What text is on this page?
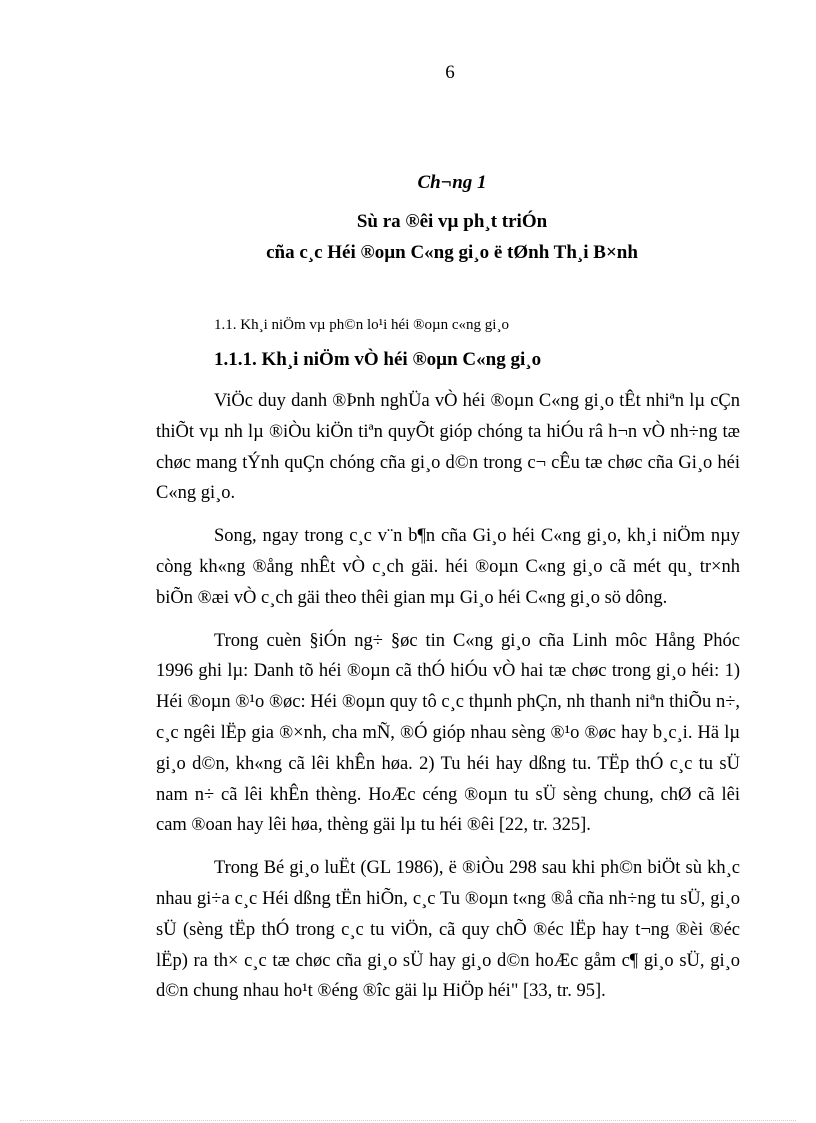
6
Ch¬ng 1
Sù ra ®êi vµ ph¸t triÓn
cña c¸c Héi ®oµn C«ng gi¸o ë tØnh Th¸i B×nh
1.1. Kh¸i niÖm vµ ph©n lo¹i héi ®oµn c«ng gi¸o
1.1.1. Kh¸i niÖm vÒ héi ®oµn C«ng gi¸o

ViÖc duy danh ®Þnh nghÜa vÒ héi ®oµn C«ng gi¸o tÊt nhiªn lµ cÇn thiÕt vµ nh lµ ®iÒu kiÖn tiªn quyÕt gióp chóng ta hiÓu râ h¬n vÒ nh÷ng tæ chøc mang tÝnh quÇn chóng cña gi¸o d©n trong c¬ cÊu tæ chøc cña Gi¸o héi C«ng gi¸o.

Song, ngay trong c¸c v¨n b¶n cña Gi¸o héi C«ng gi¸o, kh¸i niÖm nµy còng kh«ng ®ång nhÊt vÒ c¸ch gäi. héi ®oµn C«ng gi¸o cã mét qu¸ tr×nh biÕn ®æi vÒ c¸ch gäi theo thêi gian mµ Gi¸o héi C«ng gi¸o sö dông.

Trong cuèn §iÓn ng÷ §øc tin C«ng gi¸o cña Linh môc Hång Phóc 1996 ghi lµ: Danh tõ héi ®oµn cã thÓ hiÓu vÒ hai tæ chøc trong gi¸o héi: 1) Héi ®oµn ®¹o ®øc: Héi ®oµn quy tô c¸c thµnh phÇn, nh thanh niªn thiÕu n÷, c¸c ngêi lËp gia ®×nh, cha mÑ, ®Ó gióp nhau sèng ®¹o ®øc hay b¸c¸i. Hä lµ gi¸o d©n, kh«ng cã lêi khÊn høa. 2) Tu héi hay dßng tu. TËp thÓ c¸c tu sÜ nam n÷ cã lêi khÊn thèng. HoÆc céng ®oµn tu sÜ sèng chung, chØ cã lêi cam ®oan hay lêi høa, thèng gäi lµ tu héi ®êi [22, tr. 325].

Trong Bé gi¸o luËt (GL 1986), ë ®iÒu 298 sau khi ph©n biÖt sù kh¸c nhau gi÷a c¸c Héi dßng tËn hiÕn, c¸c Tu ®oµn t«ng ®å cña nh÷ng tu sÜ, gi¸o sÜ (sèng tËp thÓ trong c¸c tu viÖn, cã quy chÕ ®éc lËp hay t¬ng ®èi ®éc lËp) ra th× c¸c tæ chøc cña gi¸o sÜ hay gi¸o d©n hoÆc gåm c¶ gi¸o sÜ, gi¸o d©n chung nhau ho¹t ®éng ®îc gäi lµ HiÖp héi" [33, tr. 95].
